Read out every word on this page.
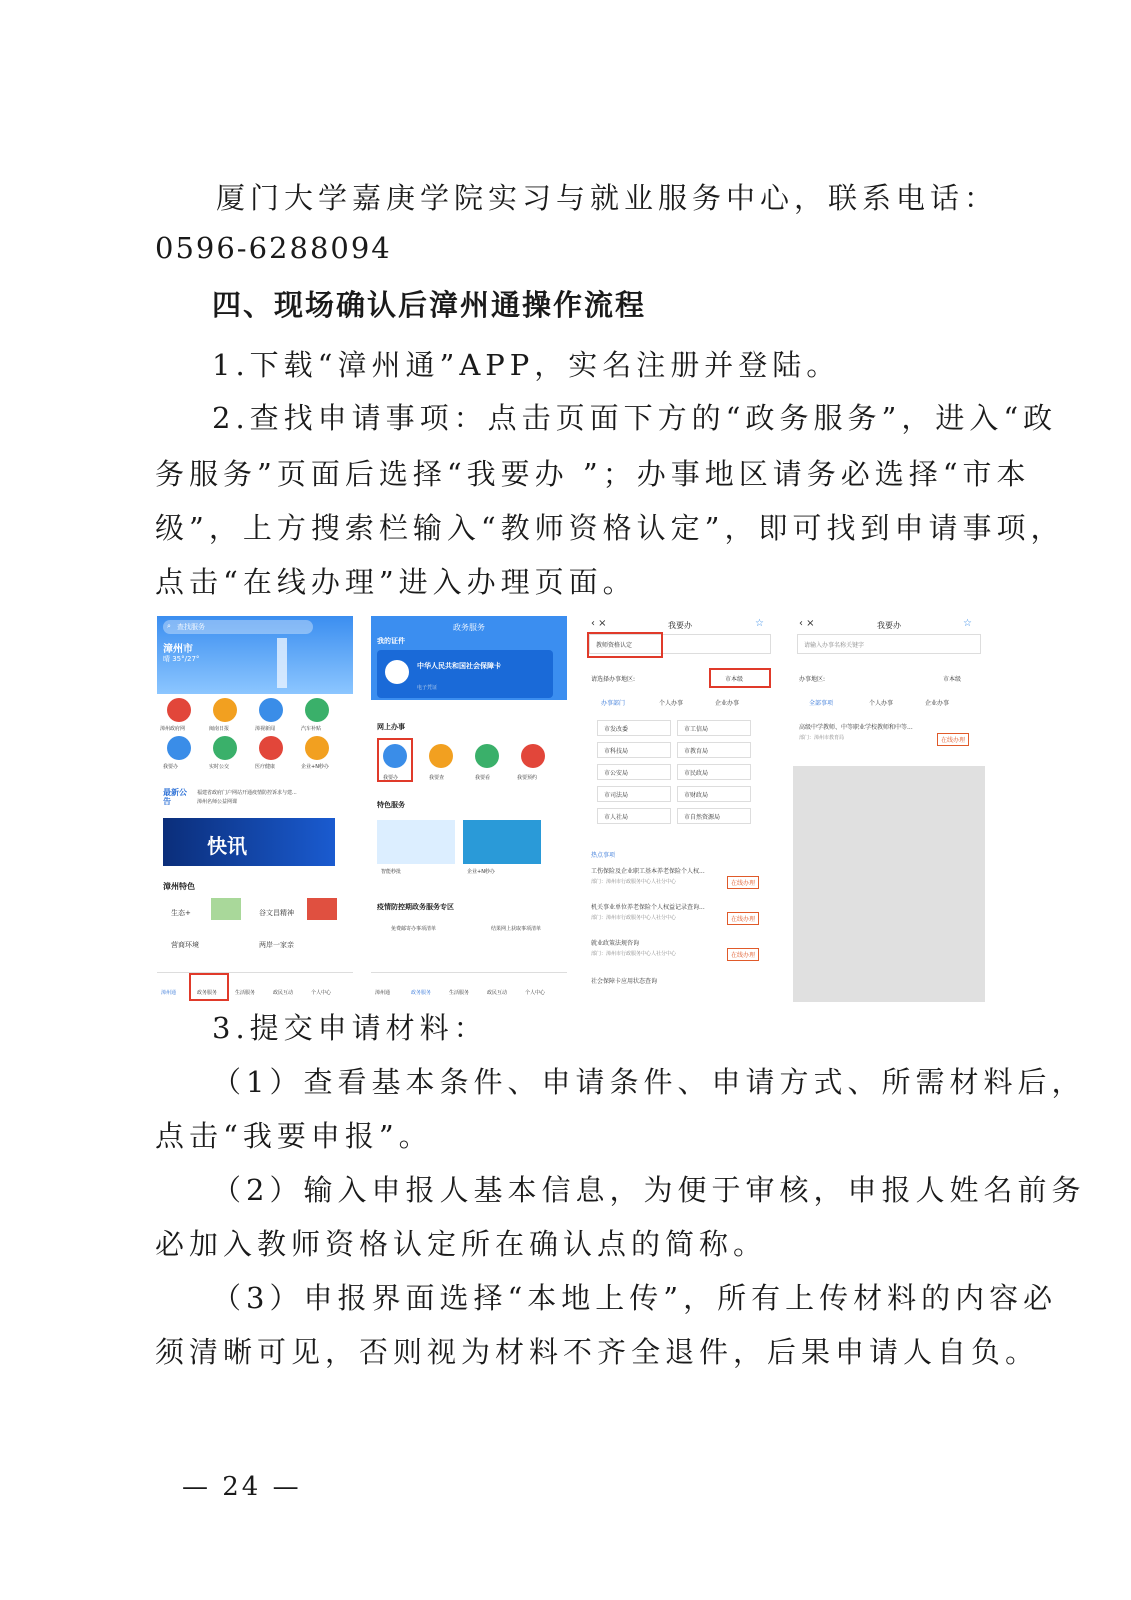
厦门大学嘉庚学院实习与就业服务中心，联系电话：
0596-6288094
四、现场确认后漳州通操作流程
1.下载“漳州通”APP，实名注册并登陆。
2.查找申请事项：点击页面下方的“政务服务”，进入“政
务服务”页面后选择“我要办 ”；办事地区请务必选择“市本
级”，上方搜索栏输入“教师资格认定”，即可找到申请事项，
点击“在线办理”进入办理页面。
⌕ 查找服务
漳州市
晴 35°/27°
漳州政府网	闽南日报	漳视新闻	汽车补贴
我要办	实时公交	医疗健康	企业+N秒办
最新公告
福建省政府门户网站开通疫情防控诉求与建...
漳州名师公益网课
快讯
漳州特色
生态+	谷文昌精神
营商环境	两岸一家亲
漳州通	政务服务	生活服务	政民互动	个人中心
政务服务
我的证件
中华人民共和国社会保障卡
电子凭证
网上办事
我要办	我要查	我要看	我要预约
特色服务
智能秒批	企业+N秒办
疫情防控期政务服务专区
免费邮寄办事项清单	结果网上获取事项清单
漳州通	政务服务	生活服务	政民互动	个人中心
‹ ×	我要办	☆
教师资格认定
请选择办事地区:	市本级
办事部门	个人办事	企业办事
市发改委	市工信局
市科技局	市教育局
市公安局	市民政局
市司法局	市财政局
市人社局	市自然资源局
热点事项
工伤保险及企业职工基本养老保险个人权...
部门：漳州市行政服务中心人社分中心	在线办理
机关事业单位养老保险个人权益记录查询...
部门：漳州市行政服务中心人社分中心	在线办理
就业政策法规咨询
部门：漳州市行政服务中心人社分中心	在线办理
社会保障卡应用状态查询
‹ ×	我要办	☆
请输入办事名称关键字
办事地区:	市本级
全部事项	个人办事	企业办事
高级中学教师、中等职业学校教师和中等...
部门：漳州市教育局	在线办理
3.提交申请材料：
（1）查看基本条件、申请条件、申请方式、所需材料后，
点击“我要申报”。
（2）输入申报人基本信息，为便于审核，申报人姓名前务
必加入教师资格认定所在确认点的简称。
（3）申报界面选择“本地上传”，所有上传材料的内容必
须清晰可见，否则视为材料不齐全退件，后果申请人自负。
— 24 —
